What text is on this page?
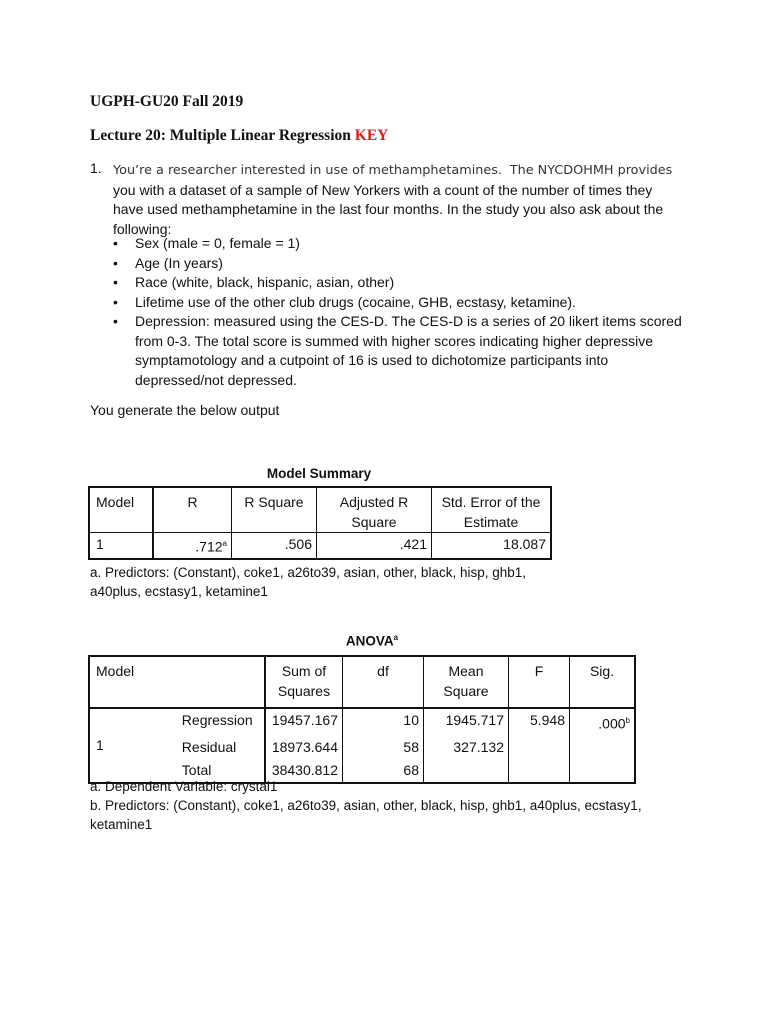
UGPH-GU20 Fall 2019
Lecture 20: Multiple Linear Regression KEY
1. You’re a researcher interested in use of methamphetamines. The NYCDOHMH provides you with a dataset of a sample of New Yorkers with a count of the number of times they have used methamphetamine in the last four months. In the study you also ask about the following:
• Sex (male = 0, female = 1)
• Age (In years)
• Race (white, black, hispanic, asian, other)
• Lifetime use of the other club drugs (cocaine, GHB, ecstasy, ketamine).
• Depression: measured using the CES-D. The CES-D is a series of 20 likert items scored from 0-3. The total score is summed with higher scores indicating higher depressive symptamotology and a cutpoint of 16 is used to dichotomize participants into depressed/not depressed.
You generate the below output
Model Summary
Model	R	R Square	Adjusted R Square	Std. Error of the Estimate
1	.712$^a$	.506	.421	18.087
a. Predictors: (Constant), coke1, a26to39, asian, other, black, hisp, ghb1, a40plus, ecstasy1, ketamine1
ANOVA$^a$
Model		Sum of Squares	df	Mean Square	F	Sig.
1	Regression	19457.167	10	1945.717	5.948	.000$^b$
	Residual	18973.644	58	327.132		
	Total	38430.812	68			
a. Dependent Variable: crystal1
b. Predictors: (Constant), coke1, a26to39, asian, other, black, hisp, ghb1, a40plus, ecstasy1, ketamine1
